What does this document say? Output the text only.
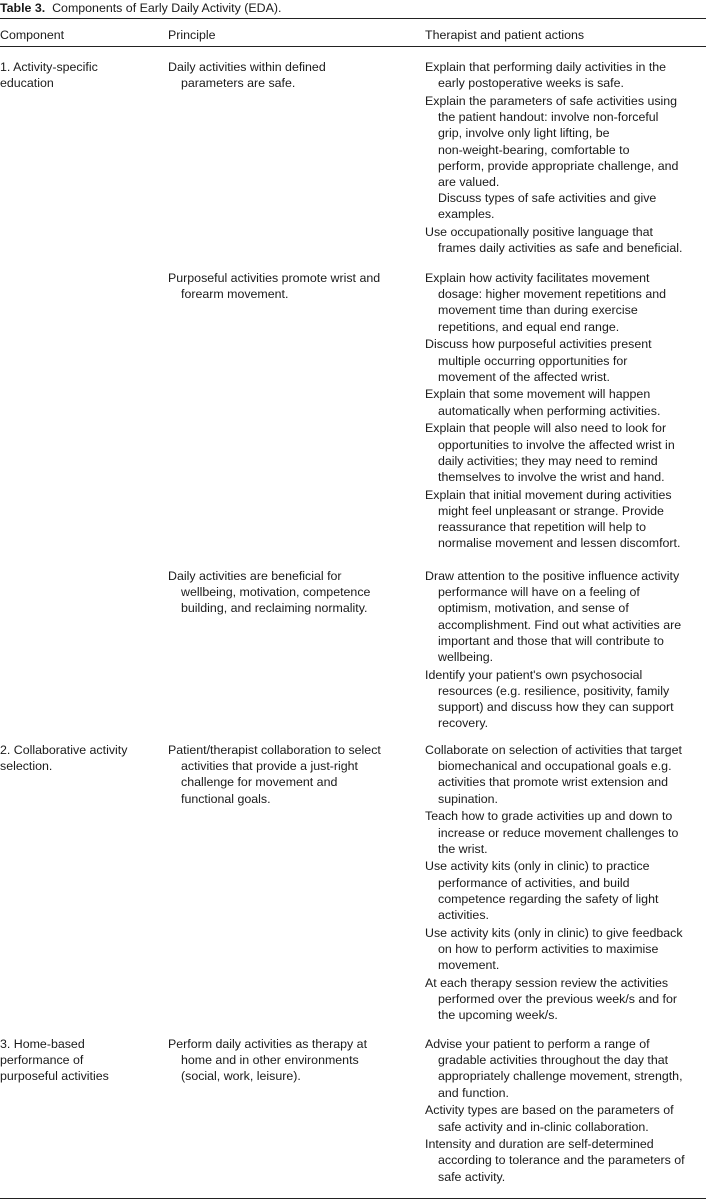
Table 3. Components of Early Daily Activity (EDA).
Component	Principle	Therapist and patient actions
1. Activity-specific
education
Daily activities within defined
parameters are safe.
Explain that performing daily activities in the
early postoperative weeks is safe.
Explain the parameters of safe activities using
the patient handout: involve non-forceful
grip, involve only light lifting, be
non-weight-bearing, comfortable to
perform, provide appropriate challenge, and
are valued.
Discuss types of safe activities and give
examples.
Use occupationally positive language that
frames daily activities as safe and beneficial.
Purposeful activities promote wrist and
forearm movement.
Explain how activity facilitates movement
dosage: higher movement repetitions and
movement time than during exercise
repetitions, and equal end range.
Discuss how purposeful activities present
multiple occurring opportunities for
movement of the affected wrist.
Explain that some movement will happen
automatically when performing activities.
Explain that people will also need to look for
opportunities to involve the affected wrist in
daily activities; they may need to remind
themselves to involve the wrist and hand.
Explain that initial movement during activities
might feel unpleasant or strange. Provide
reassurance that repetition will help to
normalise movement and lessen discomfort.
Daily activities are beneficial for
wellbeing, motivation, competence
building, and reclaiming normality.
Draw attention to the positive influence activity
performance will have on a feeling of
optimism, motivation, and sense of
accomplishment. Find out what activities are
important and those that will contribute to
wellbeing.
Identify your patient's own psychosocial
resources (e.g. resilience, positivity, family
support) and discuss how they can support
recovery.
2. Collaborative activity
selection.
Patient/therapist collaboration to select
activities that provide a just-right
challenge for movement and
functional goals.
Collaborate on selection of activities that target
biomechanical and occupational goals e.g.
activities that promote wrist extension and
supination.
Teach how to grade activities up and down to
increase or reduce movement challenges to
the wrist.
Use activity kits (only in clinic) to practice
performance of activities, and build
competence regarding the safety of light
activities.
Use activity kits (only in clinic) to give feedback
on how to perform activities to maximise
movement.
At each therapy session review the activities
performed over the previous week/s and for
the upcoming week/s.
3. Home-based
performance of
purposeful activities
Perform daily activities as therapy at
home and in other environments
(social, work, leisure).
Advise your patient to perform a range of
gradable activities throughout the day that
appropriately challenge movement, strength,
and function.
Activity types are based on the parameters of
safe activity and in-clinic collaboration.
Intensity and duration are self-determined
according to tolerance and the parameters of
safe activity.
